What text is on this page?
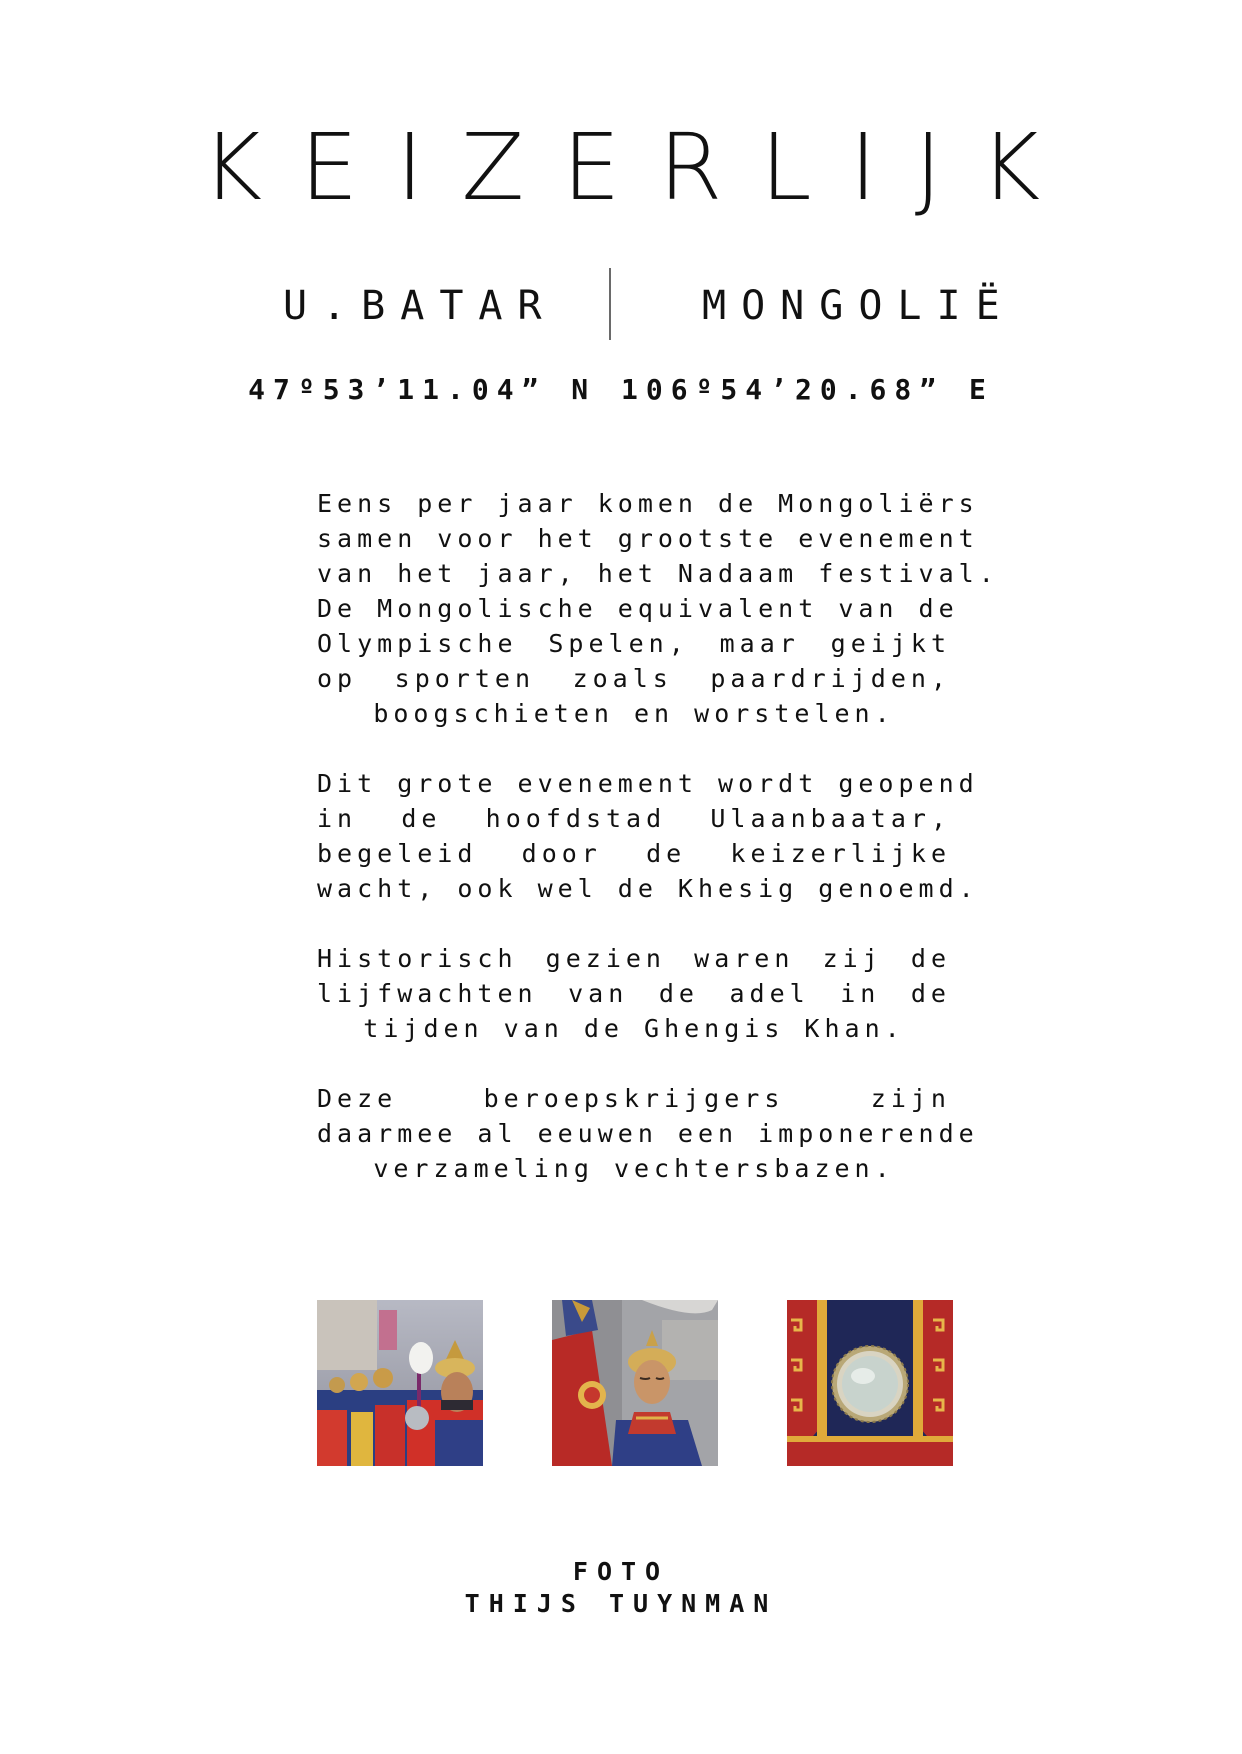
KEIZERLIJK
U.BATAR	MONGOLIË
47º53’11.04” N 106º54’20.68” E
Eens per jaar komen de Mongoliërs
samen voor het grootste evenement
van het jaar, het Nadaam festival.
De Mongolische equivalent van de
Olympische Spelen, maar geijkt
op sporten zoals paardrijden,
boogschieten en worstelen.
Dit grote evenement wordt geopend
in de hoofdstad Ulaanbaatar,
begeleid door de keizerlijke
wacht, ook wel de Khesig genoemd.
Historisch gezien waren zij de
lijfwachten van de adel in de
tijden van de Ghengis Khan.
Deze beroepskrijgers zijn
daarmee al eeuwen een imponerende
verzameling vechtersbazen.
FOTO
THIJS TUYNMAN
